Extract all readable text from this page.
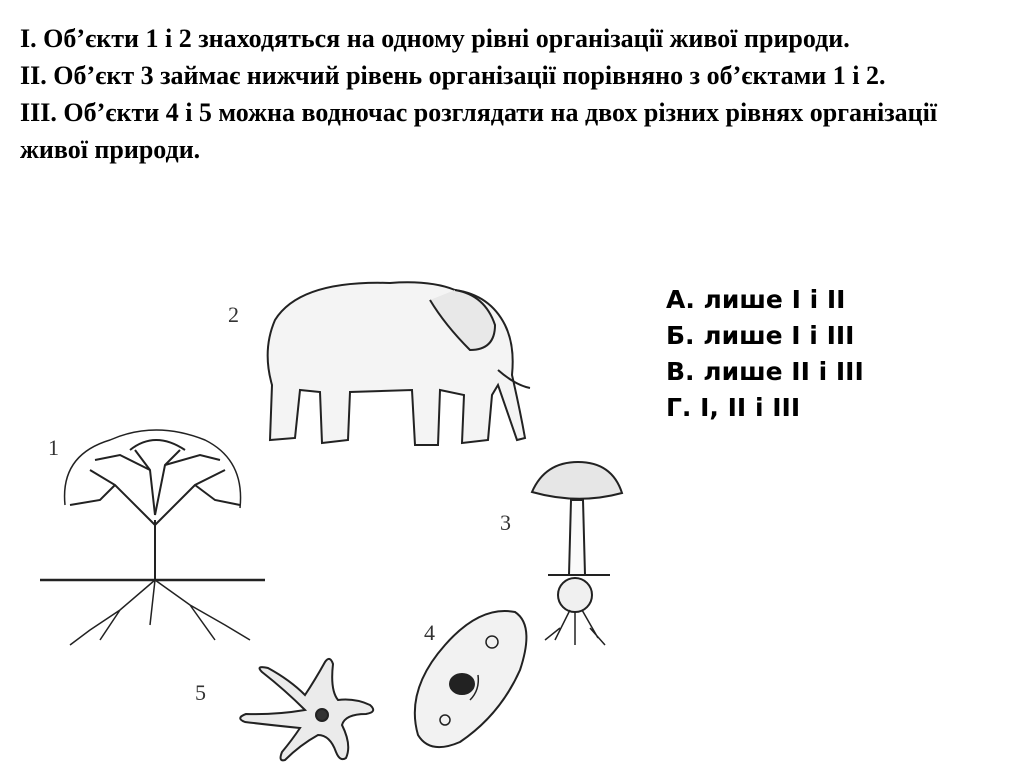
I. Об’єкти 1 і 2 знаходяться на одному рівні організації живої природи.

II. Об’єкт 3 займає нижчий рівень організації порівняно з об’єктами 1 і 2.

III. Об’єкти 4 і 5 можна водночас розглядати на двох різних рівнях організації живої природи.

А. лише І і ІІ
Б. лише І і ІІІ
В. лише ІІ і ІІІ
Г. І, ІІ і ІІІ
1
2
3
4
5
